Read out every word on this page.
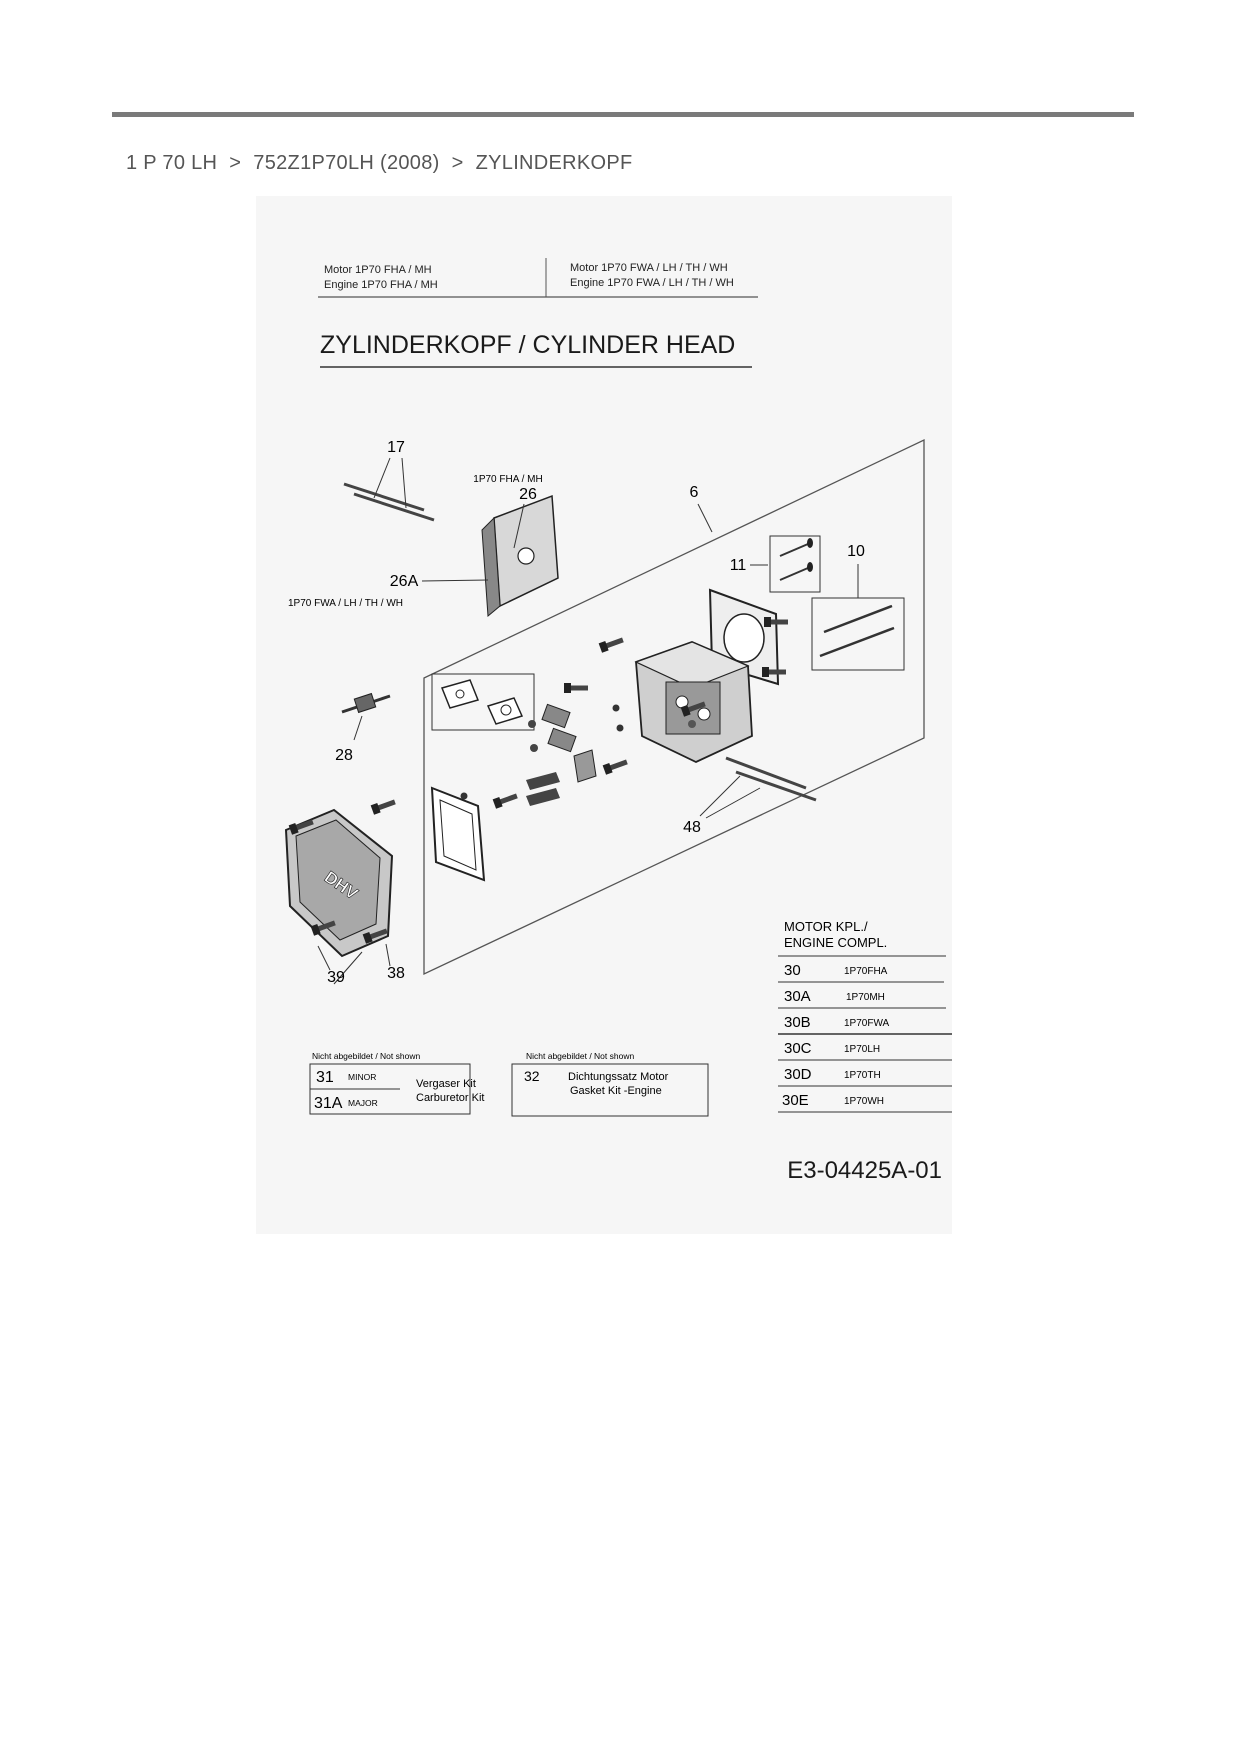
1 P 70 LH > 752Z1P70LH (2008) > ZYLINDERKOPF
Motor 1P70 FHA / MH
Engine 1P70 FHA / MH
Motor 1P70 FWA / LH / TH / WH
Engine 1P70 FWA / LH / TH / WH
ZYLINDERKOPF / CYLINDER HEAD
17
1P70 FHA / MH
26
26A
1P70 FWA / LH / TH / WH
6
11
10
28
48
DHV
39	38
MOTOR KPL./
ENGINE COMPL.
30	1P70FHA
30A	1P70MH
30B	1P70FWA
30C	1P70LH
30D	1P70TH
30E	1P70WH
Nicht abgebildet / Not shown
31 MINOR
31A MAJOR
Vergaser Kit
Carburetor Kit
Nicht abgebildet / Not shown
32	Dichtungssatz Motor
Gasket Kit -Engine
E3-04425A-01
